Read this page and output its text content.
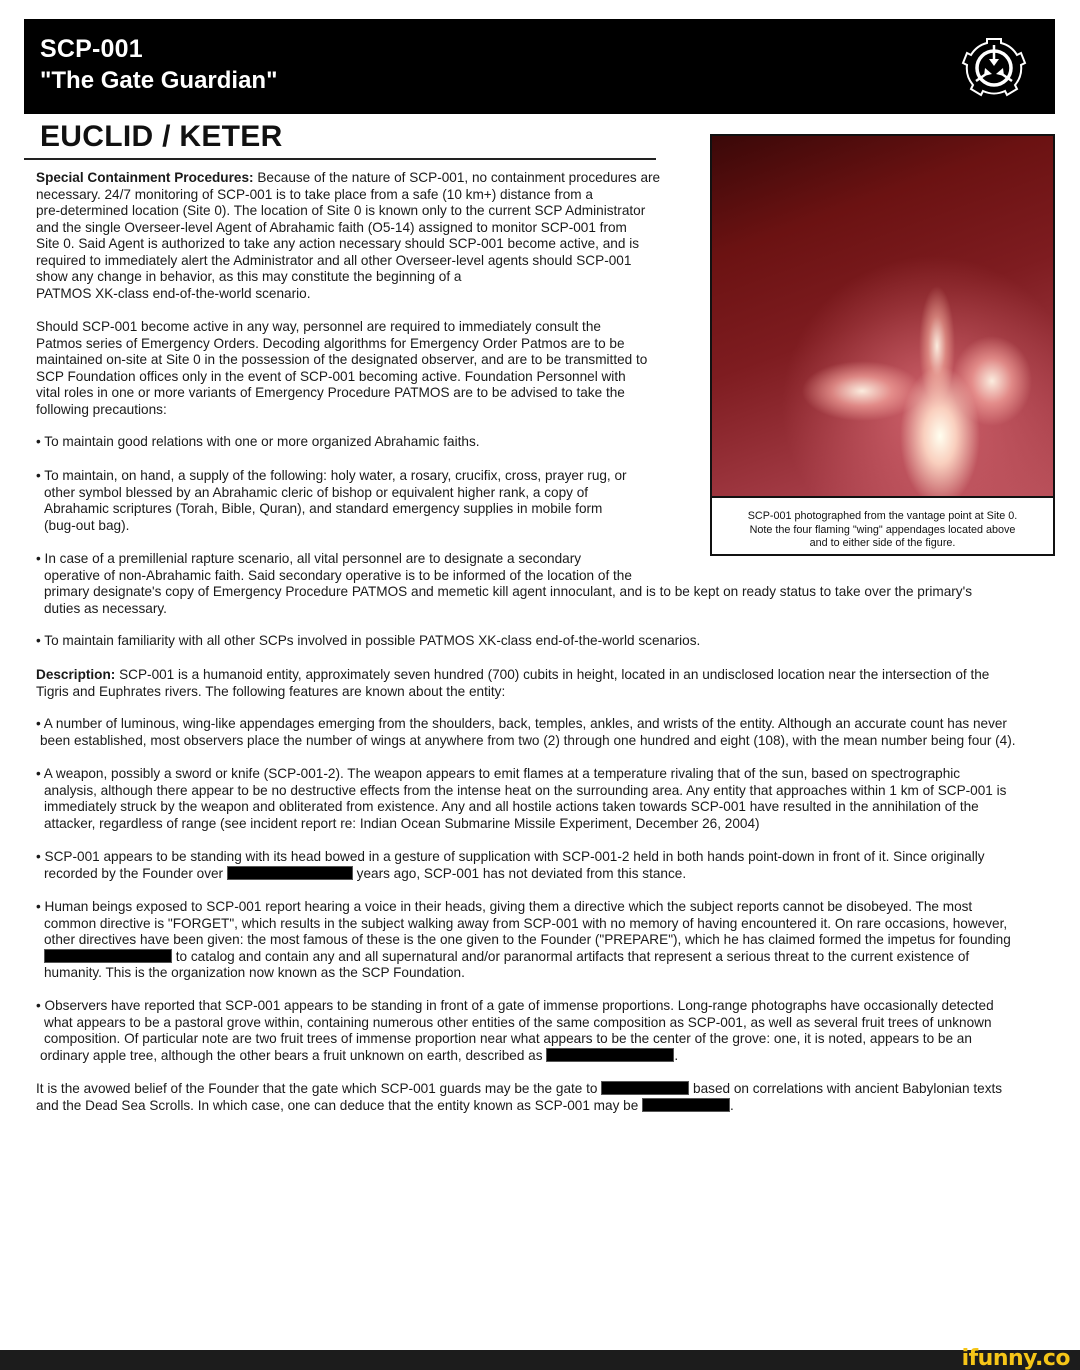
SCP-001
"The Gate Guardian"
EUCLID / KETER
SCP-001 photographed from the vantage point at Site 0.
Note the four flaming "wing" appendages located above
and to either side of the figure.
Special Containment Procedures: Because of the nature of SCP-001, no containment procedures are
necessary. 24/7 monitoring of SCP-001 is to take place from a safe (10 km+) distance from a
pre-determined location (Site 0). The location of Site 0 is known only to the current SCP Administrator
and the single Overseer-level Agent of Abrahamic faith (O5-14) assigned to monitor SCP-001 from
Site 0. Said Agent is authorized to take any action necessary should SCP-001 become active, and is
required to immediately alert the Administrator and all other Overseer-level agents should SCP-001
show any change in behavior, as this may constitute the beginning of a
PATMOS XK-class end-of-the-world scenario.
Should SCP-001 become active in any way, personnel are required to immediately consult the
Patmos series of Emergency Orders. Decoding algorithms for Emergency Order Patmos are to be
maintained on-site at Site 0 in the possession of the designated observer, and are to be transmitted to
SCP Foundation offices only in the event of SCP-001 becoming active. Foundation Personnel with
vital roles in one or more variants of Emergency Procedure PATMOS are to be advised to take the
following precautions:
• To maintain good relations with one or more organized Abrahamic faiths.
• To maintain, on hand, a supply of the following: holy water, a rosary, crucifix, cross, prayer rug, or
other symbol blessed by an Abrahamic cleric of bishop or equivalent higher rank, a copy of
Abrahamic scriptures (Torah, Bible, Quran), and standard emergency supplies in mobile form
(bug-out bag).
• In case of a premillenial rapture scenario, all vital personnel are to designate a secondary
operative of non-Abrahamic faith. Said secondary operative is to be informed of the location of the
primary designate's copy of Emergency Procedure PATMOS and memetic kill agent innoculant, and is to be kept on ready status to take over the primary's
duties as necessary.
• To maintain familiarity with all other SCPs involved in possible PATMOS XK-class end-of-the-world scenarios.
Description: SCP-001 is a humanoid entity, approximately seven hundred (700) cubits in height, located in an undisclosed location near the intersection of the
Tigris and Euphrates rivers. The following features are known about the entity:
• A number of luminous, wing-like appendages emerging from the shoulders, back, temples, ankles, and wrists of the entity. Although an accurate count has never
been established, most observers place the number of wings at anywhere from two (2) through one hundred and eight (108), with the mean number being four (4).
• A weapon, possibly a sword or knife (SCP-001-2). The weapon appears to emit flames at a temperature rivaling that of the sun, based on spectrographic
analysis, although there appear to be no destructive effects from the intense heat on the surrounding area. Any entity that approaches within 1 km of SCP-001 is
immediately struck by the weapon and obliterated from existence. Any and all hostile actions taken towards SCP-001 have resulted in the annihilation of the
attacker, regardless of range (see incident report re: Indian Ocean Submarine Missile Experiment, December 26, 2004)
• SCP-001 appears to be standing with its head bowed in a gesture of supplication with SCP-001-2 held in both hands point-down in front of it. Since originally
recorded by the Founder over	years ago, SCP-001 has not deviated from this stance.
• Human beings exposed to SCP-001 report hearing a voice in their heads, giving them a directive which the subject reports cannot be disobeyed. The most
common directive is "FORGET", which results in the subject walking away from SCP-001 with no memory of having encountered it. On rare occasions, however,
other directives have been given: the most famous of these is the one given to the Founder ("PREPARE"), which he has claimed formed the impetus for founding
to catalog and contain any and all supernatural and/or paranormal artifacts that represent a serious threat to the current existence of
humanity. This is the organization now known as the SCP Foundation.
• Observers have reported that SCP-001 appears to be standing in front of a gate of immense proportions. Long-range photographs have occasionally detected
what appears to be a pastoral grove within, containing numerous other entities of the same composition as SCP-001, as well as several fruit trees of unknown
composition. Of particular note are two fruit trees of immense proportion near what appears to be the center of the grove: one, it is noted, appears to be an
ordinary apple tree, although the other bears a fruit unknown on earth, described as	.
It is the avowed belief of the Founder that the gate which SCP-001 guards may be the gate to	based on correlations with ancient Babylonian texts
and the Dead Sea Scrolls. In which case, one can deduce that the entity known as SCP-001 may be	.
ifunny.co
